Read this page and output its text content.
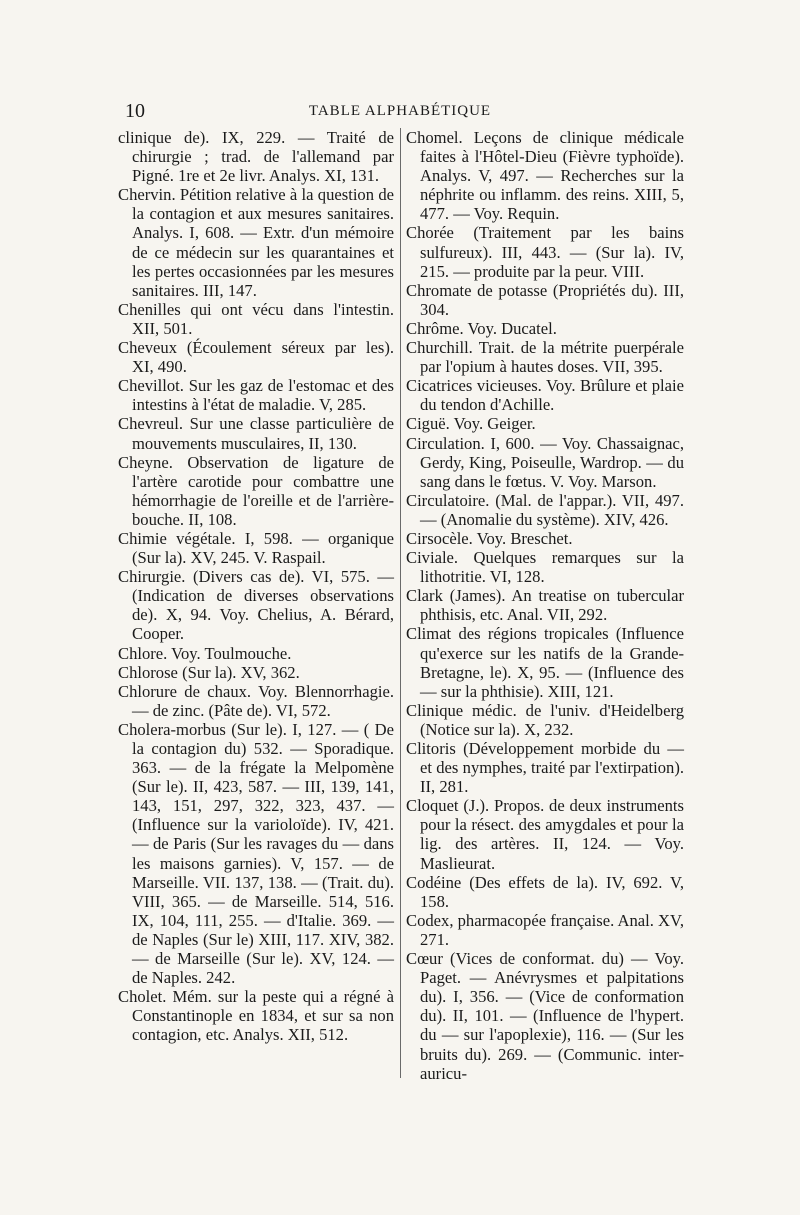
10	TABLE ALPHABÉTIQUE
clinique de). IX, 229. — Traité de chirurgie ; trad. de l'allemand par Pigné. 1re et 2e livr. Analys. XI, 131.
Chervin. Pétition relative à la question de la contagion et aux mesures sanitaires. Analys. I, 608. — Extr. d'un mémoire de ce médecin sur les quarantaines et les pertes occasionnées par les mesures sanitaires. III, 147.
Chenilles qui ont vécu dans l'intestin. XII, 501.
Cheveux (Écoulement séreux par les). XI, 490.
Chevillot. Sur les gaz de l'estomac et des intestins à l'état de maladie. V, 285.
Chevreul. Sur une classe particulière de mouvements musculaires, II, 130.
Cheyne. Observation de ligature de l'artère carotide pour combattre une hémorrhagie de l'oreille et de l'arrière-bouche. II, 108.
Chimie végétale. I, 598. — organique (Sur la). XV, 245. V. Raspail.
Chirurgie. (Divers cas de). VI, 575. — (Indication de diverses observations de). X, 94. Voy. Chelius, A. Bérard, Cooper.
Chlore. Voy. Toulmouche.
Chlorose (Sur la). XV, 362.
Chlorure de chaux. Voy. Blennorrhagie. — de zinc. (Pâte de). VI, 572.
Cholera-morbus (Sur le). I, 127. — ( De la contagion du) 532. — Sporadique. 363. — de la frégate la Melpomène (Sur le). II, 423, 587. — III, 139, 141, 143, 151, 297, 322, 323, 437. — (Influence sur la varioloïde). IV, 421. — de Paris (Sur les ravages du — dans les maisons garnies). V, 157. — de Marseille. VII. 137, 138. — (Trait. du). VIII, 365. — de Marseille. 514, 516. IX, 104, 111, 255. — d'Italie. 369. — de Naples (Sur le) XIII, 117. XIV, 382. — de Marseille (Sur le). XV, 124. — de Naples. 242.
Cholet. Mém. sur la peste qui a régné à Constantinople en 1834, et sur sa non contagion, etc. Analys. XII, 512.
Chomel. Leçons de clinique médicale faites à l'Hôtel-Dieu (Fièvre typhoïde). Analys. V, 497. — Recherches sur la néphrite ou inflamm. des reins. XIII, 5, 477. — Voy. Requin.
Chorée (Traitement par les bains sulfureux). III, 443. — (Sur la). IV, 215. — produite par la peur. VIII.
Chromate de potasse (Propriétés du). III, 304.
Chrôme. Voy. Ducatel.
Churchill. Trait. de la métrite puerpérale par l'opium à hautes doses. VII, 395.
Cicatrices vicieuses. Voy. Brûlure et plaie du tendon d'Achille.
Ciguë. Voy. Geiger.
Circulation. I, 600. — Voy. Chassaignac, Gerdy, King, Poiseulle, Wardrop. — du sang dans le fœtus. V. Voy. Marson.
Circulatoire. (Mal. de l'appar.). VII, 497. — (Anomalie du système). XIV, 426.
Cirsocèle. Voy. Breschet.
Civiale. Quelques remarques sur la lithotritie. VI, 128.
Clark (James). An treatise on tubercular phthisis, etc. Anal. VII, 292.
Climat des régions tropicales (Influence qu'exerce sur les natifs de la Grande-Bretagne, le). X, 95. — (Influence des — sur la phthisie). XIII, 121.
Clinique médic. de l'univ. d'Heidelberg (Notice sur la). X, 232.
Clitoris (Développement morbide du — et des nymphes, traité par l'extirpation). II, 281.
Cloquet (J.). Propos. de deux instruments pour la résect. des amygdales et pour la lig. des artères. II, 124. — Voy. Maslieurat.
Codéine (Des effets de la). IV, 692. V, 158.
Codex, pharmacopée française. Anal. XV, 271.
Cœur (Vices de conformat. du) — Voy. Paget. — Anévrysmes et palpitations du). I, 356. — (Vice de conformation du). II, 101. — (Influence de l'hypert. du — sur l'apoplexie), 116. — (Sur les bruits du). 269. — (Communic. inter-auricu-
